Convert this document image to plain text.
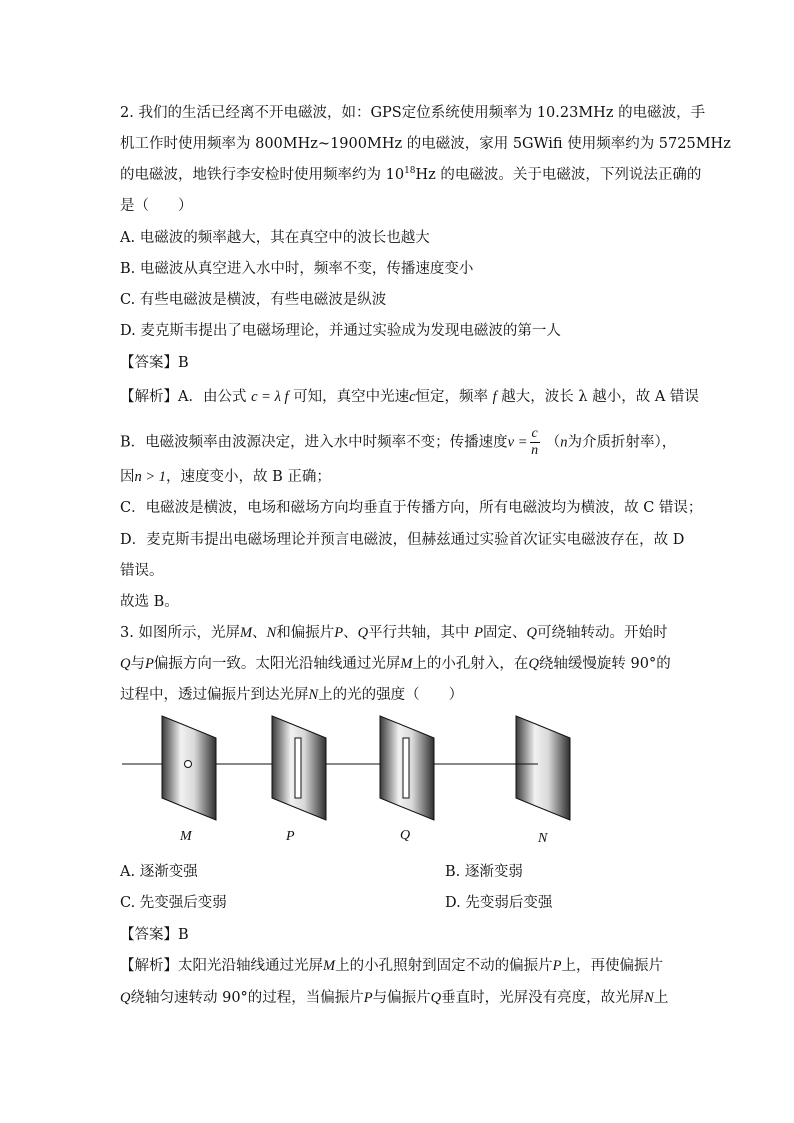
2. 我们的生活已经离不开电磁波，如：GPS定位系统使用频率为 10.23MHz 的电磁波，手
机工作时使用频率为 800MHz~1900MHz 的电磁波，家用 5GWifi 使用频率约为 5725MHz
的电磁波，地铁行李安检时使用频率约为 $10^{18}Hz$ 的电磁波。关于电磁波，下列说法正确的
是（　　）
A. 电磁波的频率越大，其在真空中的波长也越大
B. 电磁波从真空进入水中时，频率不变，传播速度变小
C. 有些电磁波是横波，有些电磁波是纵波
D. 麦克斯韦提出了电磁场理论，并通过实验成为发现电磁波的第一人
【答案】B
【解析】A．由公式 c = λ f 可知，真空中光速c恒定，频率 f 越大，波长 λ 越小，故 A 错误
B．电磁波频率由波源决定，进入水中时频率不变；传播速度$v = \frac{c}{n} (n$为介质折射率），
因n > 1，速度变小，故 B 正确；
C．电磁波是横波，电场和磁场方向均垂直于传播方向，所有电磁波均为横波，故 C 错误；
D．麦克斯韦提出电磁场理论并预言电磁波，但赫兹通过实验首次证实电磁波存在，故 D
错误。
故选 B。
3. 如图所示，光屏M、N和偏振片P、Q平行共轴，其中 P固定、Q可绕轴转动。开始时
Q与P偏振方向一致。太阳光沿轴线通过光屏M上的小孔射入，在Q绕轴缓慢旋转 90°的
过程中，透过偏振片到达光屏N上的光的强度（　　）
M	P	Q	N
A. 逐渐变强	B. 逐渐变弱
C. 先变强后变弱	D. 先变弱后变强
【答案】B
【解析】太阳光沿轴线通过光屏M上的小孔照射到固定不动的偏振片P上，再使偏振片
Q绕轴匀速转动 90°的过程，当偏振片P与偏振片Q垂直时，光屏没有亮度，故光屏N上
